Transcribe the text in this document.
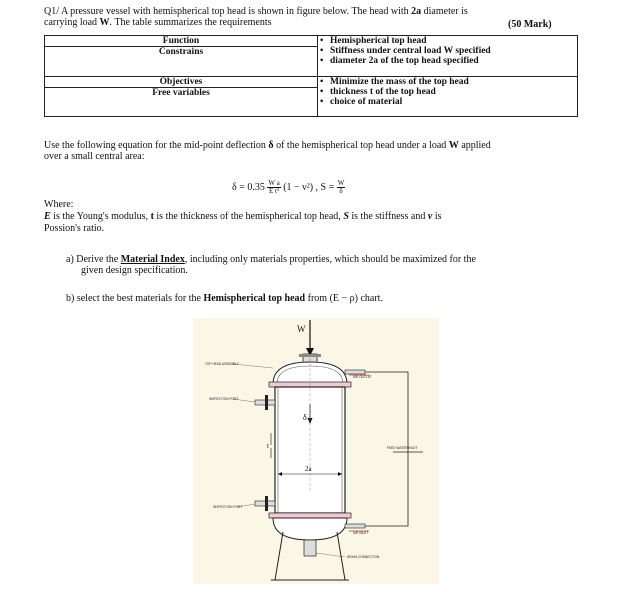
Q1/ A pressure vessel with hemispherical top head is shown in figure below. The head with 2a diameter is
carrying load W. The table summarizes the requirements	(50 Mark)
Function
Constrains	• Hemispherical top head
• Stiffness under central load W specified
• diameter 2a of the top head specified

Objectives
Free variables	• Minimize the mass of the top head
• thickness t of the top head
• choice of material
Use the following equation for the mid-point deflection δ of the hemispherical top head under a load W applied
over a small central area:
$\delta = 0.35 \frac{\text{W a}}{\text{E t²}} (1 - \nu^2)$ , $S = \frac{W}{\delta}$
Where:
E is the Young's modulus, t is the thickness of the hemispherical top head, S is the stiffness and ν is
Possion's ratio.
a) Derive the Material Index, including only materials properties, which should be maximized for the
given design specification.
b) select the best materials for the Hemispherical top head from (E − ρ) chart.
W
δ
t
2a
TOP HEAD ASSEMBLY
INSPECTION PORT
AIR OUTLET
INSPECTION PORT
AIR INLET
DRAIN CONNECTION
FEED WATER INLET
